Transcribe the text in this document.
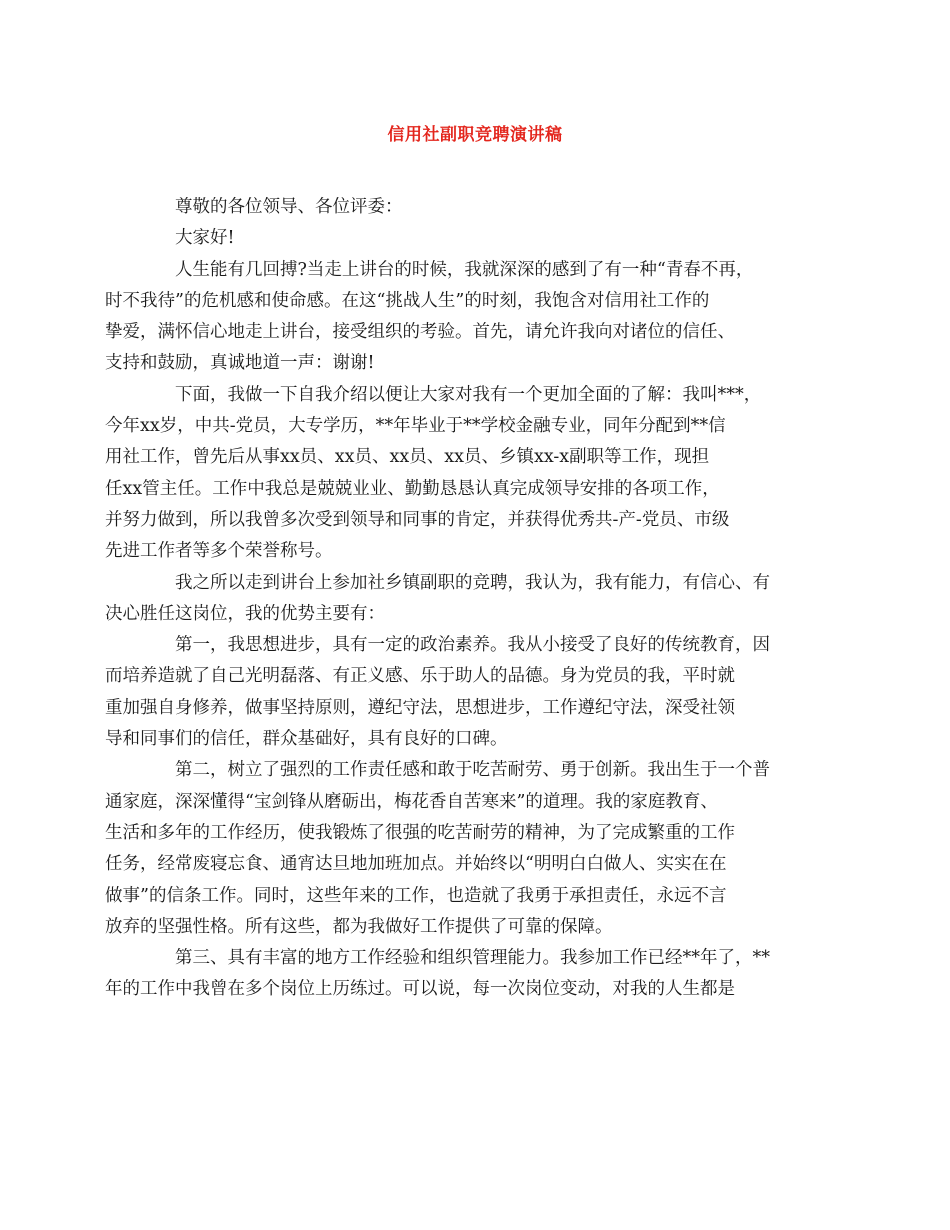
信用社副职竞聘演讲稿

尊敬的各位领导、各位评委：

大家好!

人生能有几回搏?当走上讲台的时候，我就深深的感到了有一种“青春不再，
时不我待”的危机感和使命感。在这“挑战人生”的时刻，我饱含对信用社工作的
挚爱，满怀信心地走上讲台，接受组织的考验。首先，请允许我向对诸位的信任、
支持和鼓励，真诚地道一声：谢谢!

下面，我做一下自我介绍以便让大家对我有一个更加全面的了解：我叫***，
今年xx岁，中共-党员，大专学历，**年毕业于**学校金融专业，同年分配到**信
用社工作，曾先后从事xx员、xx员、xx员、xx员、乡镇xx-x副职等工作，现担
任xx管主任。工作中我总是兢兢业业、勤勤恳恳认真完成领导安排的各项工作，
并努力做到，所以我曾多次受到领导和同事的肯定，并获得优秀共-产-党员、市级
先进工作者等多个荣誉称号。

我之所以走到讲台上参加社乡镇副职的竞聘，我认为，我有能力，有信心、有
决心胜任这岗位，我的优势主要有：

第一，我思想进步，具有一定的政治素养。我从小接受了良好的传统教育，因
而培养造就了自己光明磊落、有正义感、乐于助人的品德。身为党员的我，平时就
重加强自身修养，做事坚持原则，遵纪守法，思想进步，工作遵纪守法，深受社领
导和同事们的信任，群众基础好，具有良好的口碑。

第二，树立了强烈的工作责任感和敢于吃苦耐劳、勇于创新。我出生于一个普
通家庭，深深懂得“宝剑锋从磨砺出，梅花香自苦寒来”的道理。我的家庭教育、
生活和多年的工作经历，使我锻炼了很强的吃苦耐劳的精神，为了完成繁重的工作
任务，经常废寝忘食、通宵达旦地加班加点。并始终以“明明白白做人、实实在在
做事”的信条工作。同时，这些年来的工作，也造就了我勇于承担责任，永远不言
放弃的坚强性格。所有这些，都为我做好工作提供了可靠的保障。

第三、具有丰富的地方工作经验和组织管理能力。我参加工作已经**年了，**
年的工作中我曾在多个岗位上历练过。可以说，每一次岗位变动，对我的人生都是
